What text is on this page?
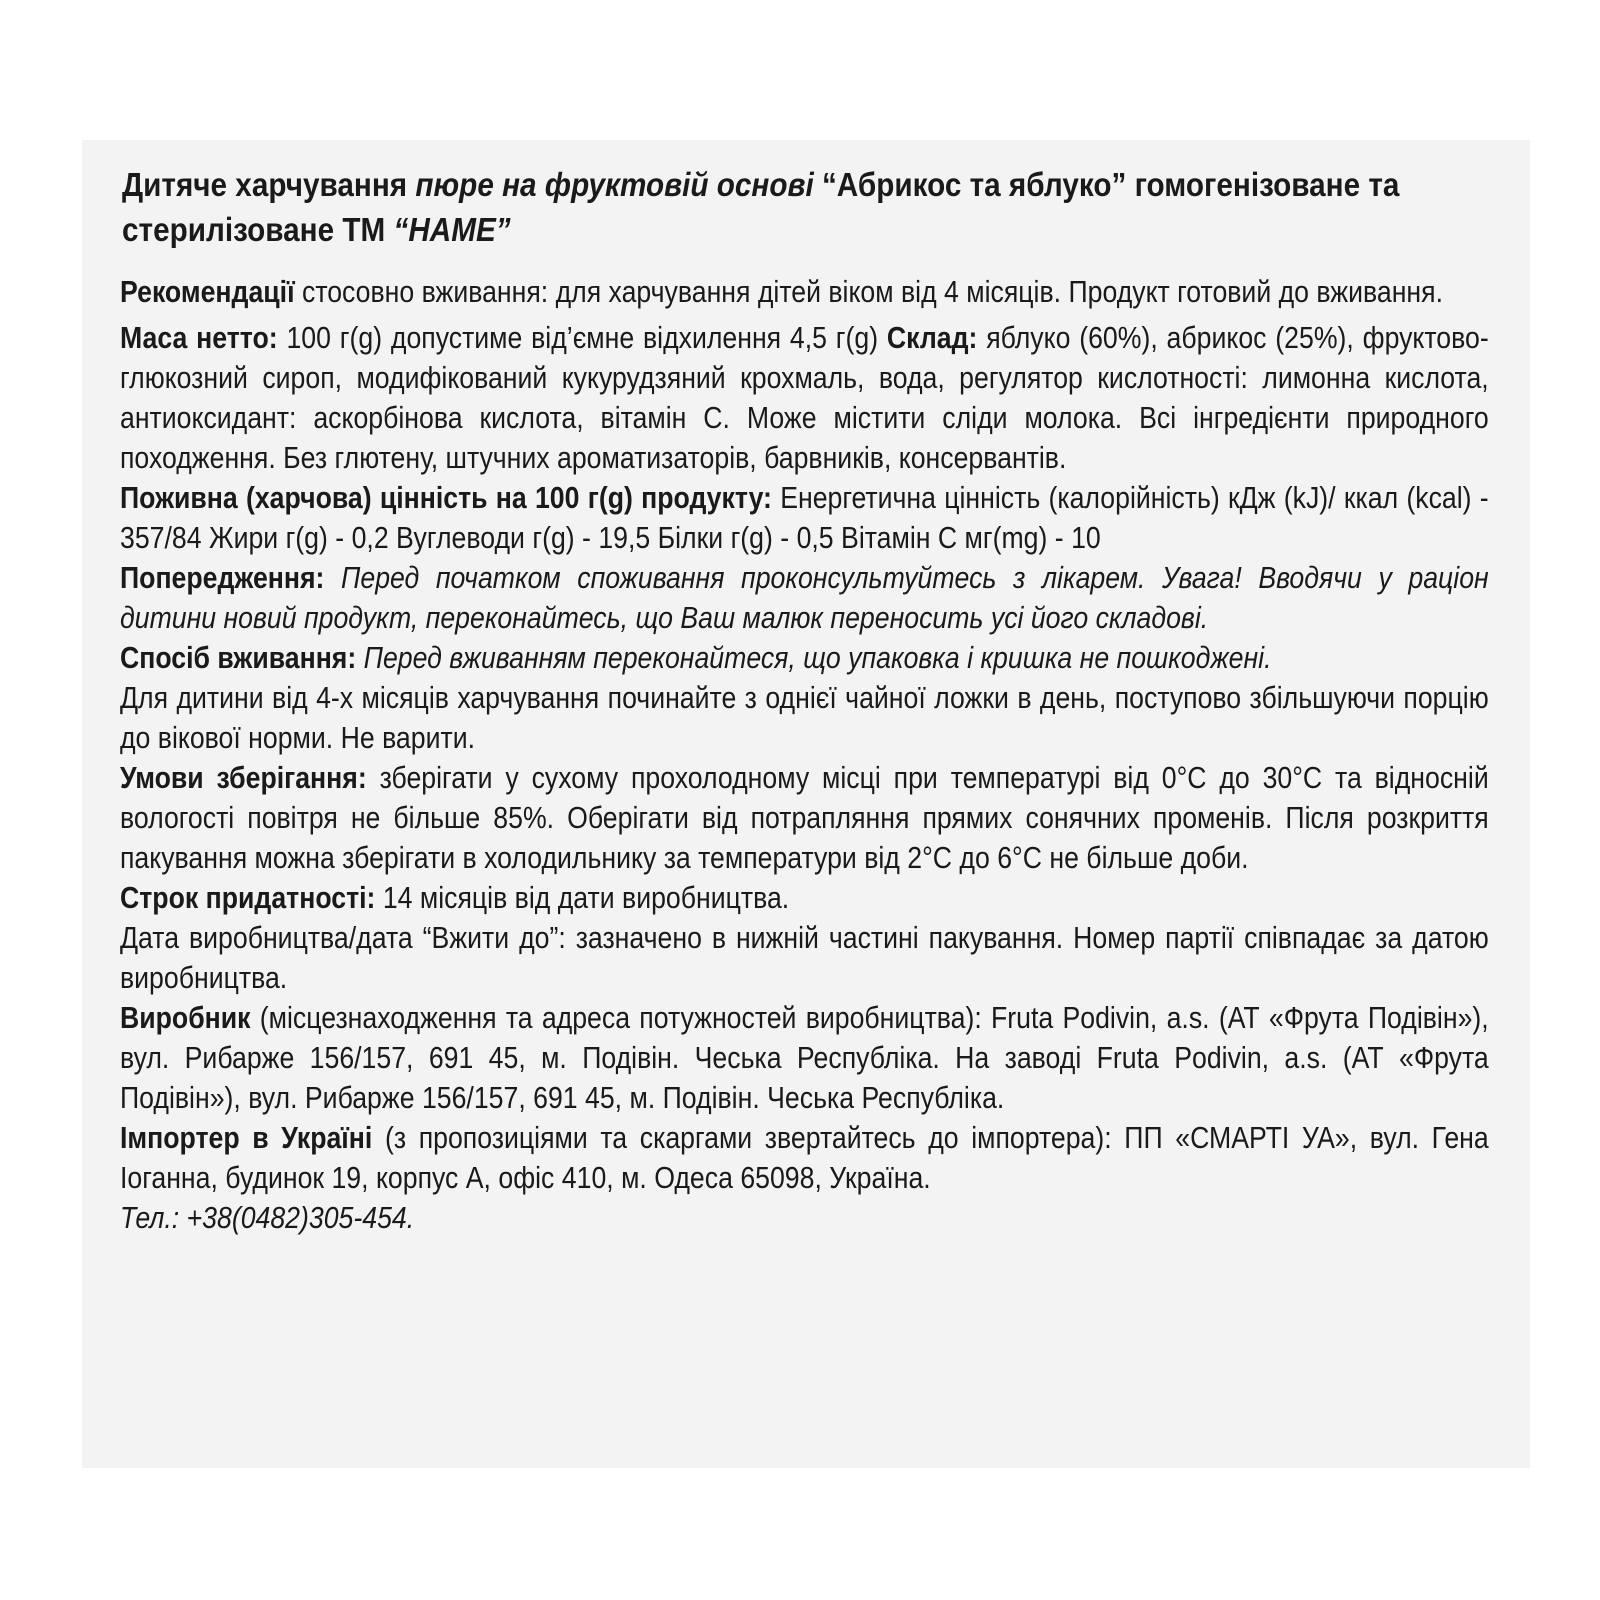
Дитяче харчування пюре на фруктовій основі “Абрикос та яблуко” гомогенізоване та стерилізоване ТМ “HAME”

Рекомендації стосовно вживання: для харчування дітей віком від 4 місяців. Продукт готовий до вживання.

Маса нетто: 100 г(g) допустиме від’ємне відхилення 4,5 г(g) Склад: яблуко (60%), абрикос (25%), фруктово-глюкозний сироп, модифікований кукурудзяний крохмаль, вода, регулятор кислотності: лимонна кислота, антиоксидант: аскорбінова кислота, вітамін С. Може містити сліди молока. Всі інгредієнти природного походження. Без глютену, штучних ароматизаторів, барвників, консервантів.

Поживна (харчова) цінність на 100 г(g) продукту: Енергетична цінність (калорійність) кДж (kJ)/ ккал (kcal) - 357/84 Жири г(g) - 0,2 Вуглеводи г(g) - 19,5 Білки г(g) - 0,5 Вітамін С мг(mg) - 10

Попередження: Перед початком споживання проконсультуйтесь з лікарем. Увага! Вводячи у раціон дитини новий продукт, переконайтесь, що Ваш малюк переносить усі його складові.

Спосіб вживання: Перед вживанням переконайтеся, що упаковка і кришка не пошкоджені.

Для дитини від 4-х місяців харчування починайте з однієї чайної ложки в день, поступово збільшуючи порцію до вікової норми. Не варити.

Умови зберігання: зберігати у сухому прохолодному місці при температурі від 0°С до 30°С та відносній вологості повітря не більше 85%. Оберігати від потрапляння прямих сонячних променів. Після розкриття пакування можна зберігати в холодильнику за температури від 2°С до 6°С не більше доби.

Строк придатності: 14 місяців від дати виробництва.

Дата виробництва/дата “Вжити до”: зазначено в нижній частині пакування. Номер партії співпадає за датою виробництва.

Виробник (місцезнаходження та адреса потужностей виробництва): Fruta Podivin, a.s. (АТ «Фрута Подівін»), вул. Рибарже 156/157, 691 45, м. Подівін. Чеська Республіка. На заводі Fruta Podivin, a.s. (АТ «Фрута Подівін»), вул. Рибарже 156/157, 691 45, м. Подівін. Чеська Республіка.

Імпортер в Україні (з пропозиціями та скаргами звертайтесь до імпортера): ПП «СМАРТІ УА», вул. Гена Іоганна, будинок 19, корпус А, офіс 410, м. Одеса 65098, Україна.

Тел.: +38(0482)305-454.
